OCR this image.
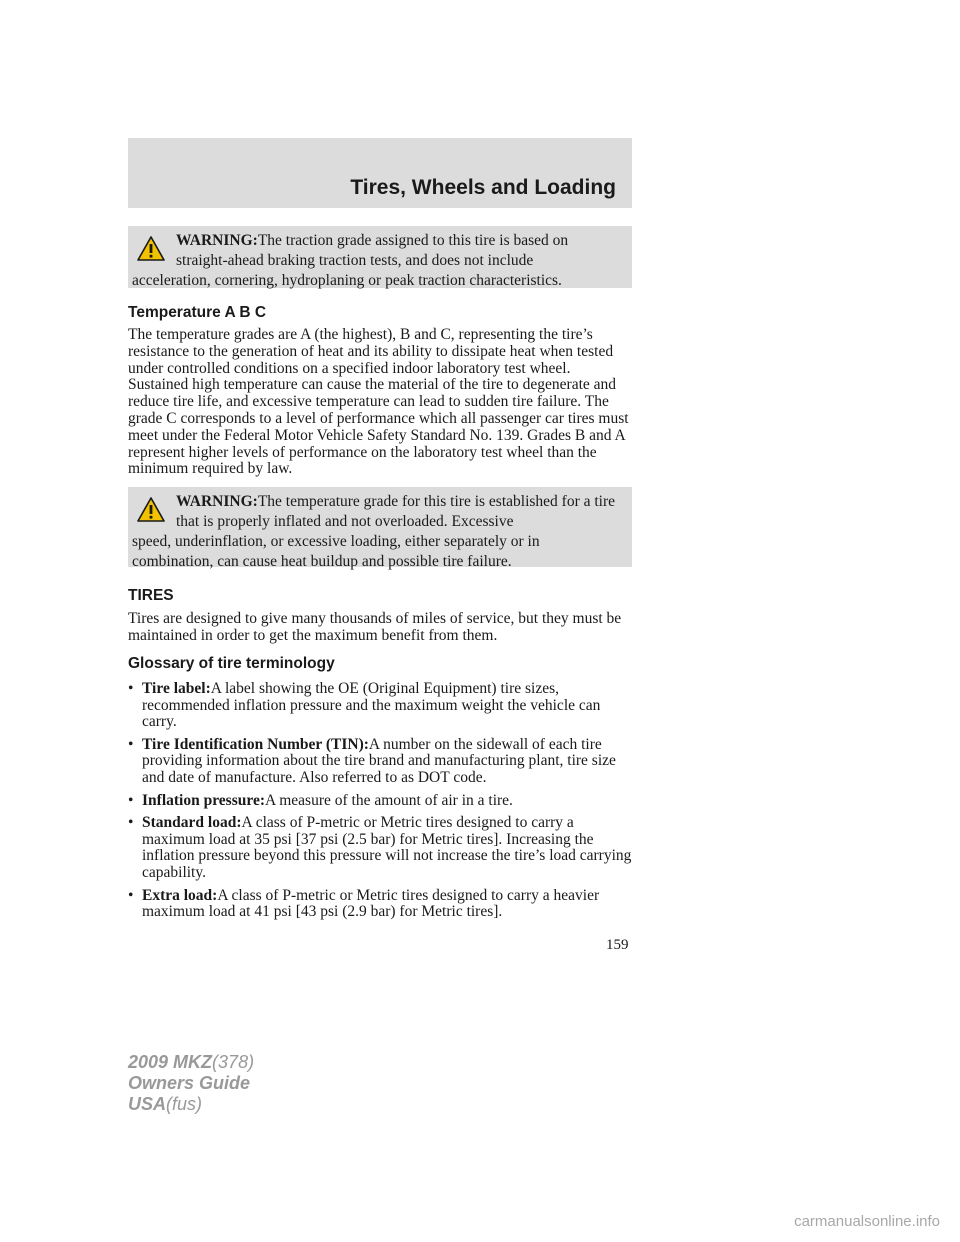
Tires, Wheels and Loading
WARNING:The traction grade assigned to this tire is based on straight-ahead braking traction tests, and does not include
acceleration, cornering, hydroplaning or peak traction characteristics.
Temperature A B C

The temperature grades are A (the highest), B and C, representing the tire’s resistance to the generation of heat and its ability to dissipate heat when tested under controlled conditions on a specified indoor laboratory test wheel. Sustained high temperature can cause the material of the tire to degenerate and reduce tire life, and excessive temperature can lead to sudden tire failure. The grade C corresponds to a level of performance which all passenger car tires must meet under the Federal Motor Vehicle Safety Standard No. 139. Grades B and A represent higher levels of performance on the laboratory test wheel than the minimum required by law.

WARNING:The temperature grade for this tire is established for a tire that is properly inflated and not overloaded. Excessive
speed, underinflation, or excessive loading, either separately or in combination, can cause heat buildup and possible tire failure.
TIRES

Tires are designed to give many thousands of miles of service, but they must be maintained in order to get the maximum benefit from them.

Glossary of tire terminology
• Tire label:A label showing the OE (Original Equipment) tire sizes, recommended inflation pressure and the maximum weight the vehicle can carry.
• Tire Identification Number (TIN):A number on the sidewall of each tire providing information about the tire brand and manufacturing plant, tire size and date of manufacture. Also referred to as DOT code.
• Inflation pressure:A measure of the amount of air in a tire.
• Standard load:A class of P-metric or Metric tires designed to carry a maximum load at 35 psi [37 psi (2.5 bar) for Metric tires]. Increasing the inflation pressure beyond this pressure will not increase the tire’s load carrying capability.
• Extra load:A class of P-metric or Metric tires designed to carry a heavier maximum load at 41 psi [43 psi (2.9 bar) for Metric tires].
159
2009 MKZ(378)
Owners Guide
USA(fus)
carmanualsonline.info
